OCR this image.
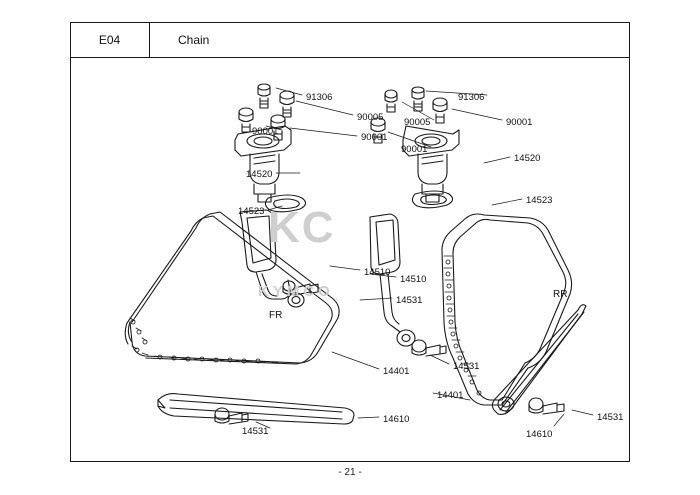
E04	Chain
KC
KYMCO
FR
RR
91306
90005
90001
90001
14520
14523
91306
90005	90001
90001
14520
14523
14510
14510
14531
14531
14401
14401
14610
14531	14610
14531
- 21 -
